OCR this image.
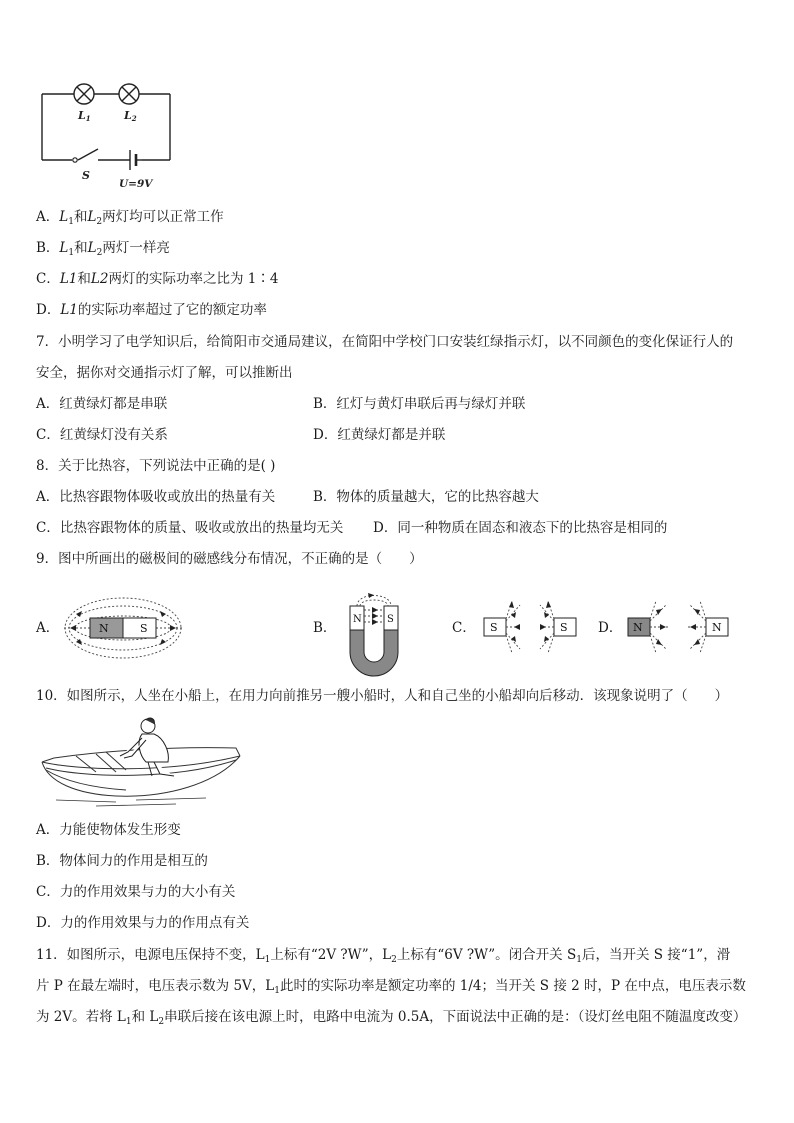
L1	L2
S
U=9V
A．$L_1$和$L_2$两灯均可以正常工作
B．$L_1$和$L_2$两灯一样亮
C．L1和L2两灯的实际功率之比为 1∶4
D．L1的实际功率超过了它的额定功率
7．小明学习了电学知识后，给简阳市交通局建议，在简阳中学校门口安装红绿指示灯，以不同颜色的变化保证行人的
安全，据你对交通指示灯了解，可以推断出
A．红黄绿灯都是串联	B．红灯与黄灯串联后再与绿灯并联
C．红黄绿灯没有关系	D．红黄绿灯都是并联
8．关于比热容，下列说法中正确的是( )
A．比热容跟物体吸收或放出的热量有关	B．物体的质量越大，它的比热容越大
C．比热容跟物体的质量、吸收或放出的热量均无关 D．同一种物质在固态和液态下的比热容是相同的
9．图中所画出的磁极间的磁感线分布情况，不正确的是（　　）
A．	N	S	B．
N	S
C． S	S D． N	N
10．如图所示，人坐在小船上，在用力向前推另一艘小船时，人和自己坐的小船却向后移动．该现象说明了（　　）
A．力能使物体发生形变
B．物体间力的作用是相互的
C．力的作用效果与力的大小有关
D．力的作用效果与力的作用点有关
11．如图所示，电源电压保持不变，$L_1$上标有“2V ?W”，$L_2$上标有“6V ?W”。闭合开关 $S_1$后，当开关 S 接“1”，滑
片 P 在最左端时，电压表示数为 5V，$L_1$此时的实际功率是额定功率的 1/4；当开关 S 接 2 时，P 在中点，电压表示数
为 2V。若将 $L_1$和 $L_2$串联后接在该电源上时，电路中电流为 0.5A，下面说法中正确的是：（设灯丝电阻不随温度改变）
